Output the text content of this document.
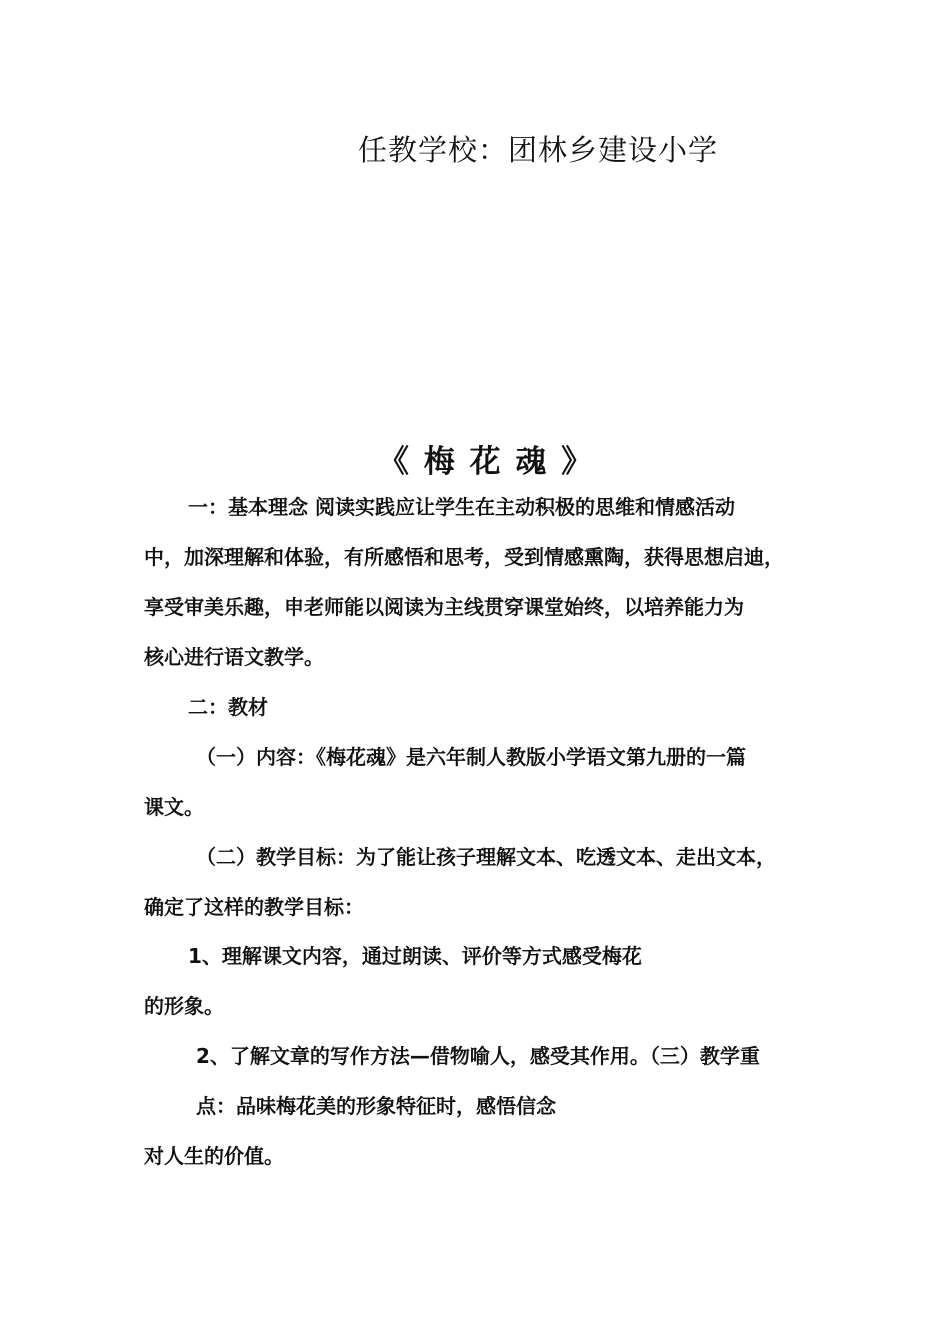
任教学校：团林乡建设小学
《 梅 花 魂 》
一：基本理念 阅读实践应让学生在主动积极的思维和情感活动
中，加深理解和体验，有所感悟和思考，受到情感熏陶，获得思想启迪，
享受审美乐趣，申老师能以阅读为主线贯穿课堂始终，以培养能力为
核心进行语文教学。
二：教材
（一）内容：《梅花魂》是六年制人教版小学语文第九册的一篇
课文。
（二）教学目标：为了能让孩子理解文本、吃透文本、走出文本，
确定了这样的教学目标：
1、理解课文内容，通过朗读、评价等方式感受梅花
的形象。
2、了解文章的写作方法—借物喻人，感受其作用。（三）教学重
点：品味梅花美的形象特征时，感悟信念
对人生的价值。
